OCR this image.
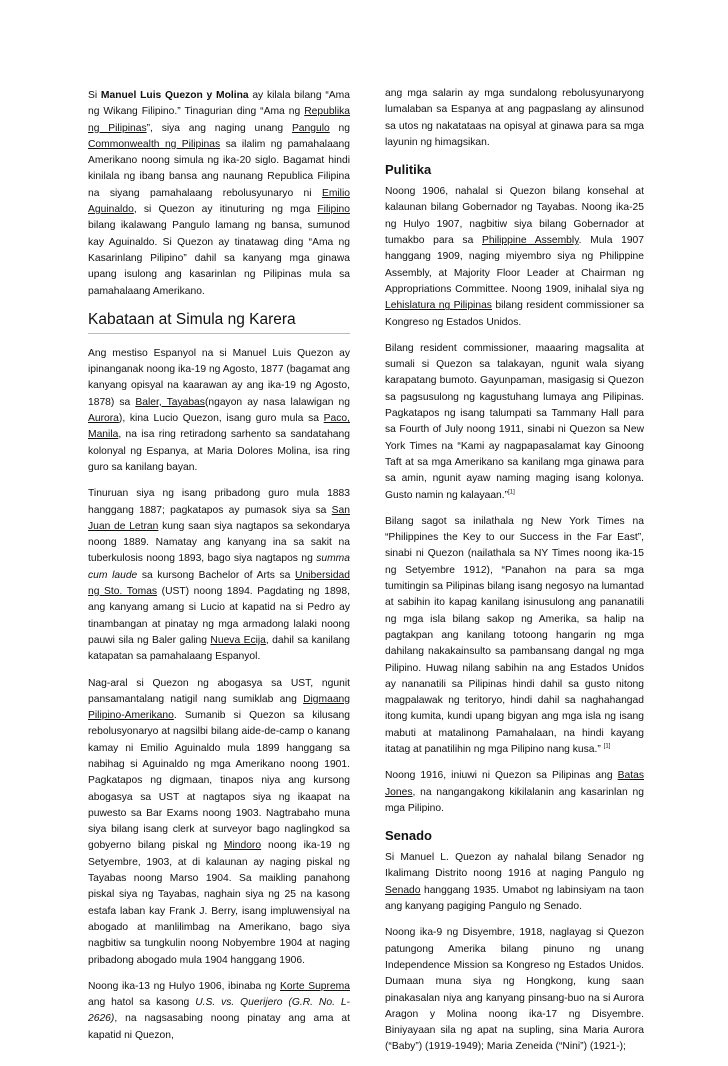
Si Manuel Luis Quezon y Molina ay kilala bilang “Ama ng Wikang Filipino.” Tinagurian ding “Ama ng Republika ng Pilipinas”, siya ang naging unang Pangulo ng Commonwealth ng Pilipinas sa ilalim ng pamahalaang Amerikano noong simula ng ika-20 siglo. Bagamat hindi kinilala ng ibang bansa ang naunang Republica Filipina na siyang pamahalaang rebolusyunaryo ni Emilio Aguinaldo, si Quezon ay itinuturing ng mga Filipino bilang ikalawang Pangulo lamang ng bansa, sumunod kay Aguinaldo. Si Quezon ay tinatawag ding “Ama ng Kasarinlang Pilipino” dahil sa kanyang mga ginawa upang isulong ang kasarinlan ng Pilipinas mula sa pamahalaang Amerikano.

Kabataan at Simula ng Karera

Ang mestiso Espanyol na si Manuel Luis Quezon ay ipinanganak noong ika-19 ng Agosto, 1877 (bagamat ang kanyang opisyal na kaarawan ay ang ika-19 ng Agosto, 1878) sa Baler, Tayabas(ngayon ay nasa lalawigan ng Aurora), kina Lucio Quezon, isang guro mula sa Paco, Manila, na isa ring retiradong sarhento sa sandatahang kolonyal ng Espanya, at Maria Dolores Molina, isa ring guro sa kanilang bayan.

Tinuruan siya ng isang pribadong guro mula 1883 hanggang 1887; pagkatapos ay pumasok siya sa San Juan de Letran kung saan siya nagtapos sa sekondarya noong 1889. Namatay ang kanyang ina sa sakit na tuberkulosis noong 1893, bago siya nagtapos ng summa cum laude sa kursong Bachelor of Arts sa Unibersidad ng Sto. Tomas (UST) noong 1894. Pagdating ng 1898, ang kanyang amang si Lucio at kapatid na si Pedro ay tinambangan at pinatay ng mga armadong lalaki noong pauwi sila ng Baler galing Nueva Ecija, dahil sa kanilang katapatan sa pamahalaang Espanyol.

Nag-aral si Quezon ng abogasya sa UST, ngunit pansamantalang natigil nang sumiklab ang Digmaang Pilipino-Amerikano. Sumanib si Quezon sa kilusang rebolusyonaryo at nagsilbi bilang aide-de-camp o kanang kamay ni Emilio Aguinaldo mula 1899 hanggang sa nabihag si Aguinaldo ng mga Amerikano noong 1901. Pagkatapos ng digmaan, tinapos niya ang kursong abogasya sa UST at nagtapos siya ng ikaapat na puwesto sa Bar Exams noong 1903. Nagtrabaho muna siya bilang isang clerk at surveyor bago naglingkod sa gobyerno bilang piskal ng Mindoro noong ika-19 ng Setyembre, 1903, at di kalaunan ay naging piskal ng Tayabas noong Marso 1904. Sa maikling panahong piskal siya ng Tayabas, naghain siya ng 25 na kasong estafa laban kay Frank J. Berry, isang impluwensiyal na abogado at manlilimbag na Amerikano, bago siya nagbitiw sa tungkulin noong Nobyembre 1904 at naging pribadong abogado mula 1904 hanggang 1906.

Noong ika-13 ng Hulyo 1906, ibinaba ng Korte Suprema ang hatol sa kasong U.S. vs. Querijero (G.R. No. L-2626), na nagsasabing noong pinatay ang ama at kapatid ni Quezon,

ang mga salarin ay mga sundalong rebolusyunaryong lumalaban sa Espanya at ang pagpaslang ay alinsunod sa utos ng nakatataas na opisyal at ginawa para sa mga layunin ng himagsikan.

Pulitika

Noong 1906, nahalal si Quezon bilang konsehal at kalaunan bilang Gobernador ng Tayabas. Noong ika-25 ng Hulyo 1907, nagbitiw siya bilang Gobernador at tumakbo para sa Philippine Assembly. Mula 1907 hanggang 1909, naging miyembro siya ng Philippine Assembly, at Majority Floor Leader at Chairman ng Appropriations Committee. Noong 1909, inihalal siya ng Lehislatura ng Pilipinas bilang resident commissioner sa Kongreso ng Estados Unidos.

Bilang resident commissioner, maaaring magsalita at sumali si Quezon sa talakayan, ngunit wala siyang karapatang bumoto. Gayunpaman, masigasig si Quezon sa pagsusulong ng kagustuhang lumaya ang Pilipinas. Pagkatapos ng isang talumpati sa Tammany Hall para sa Fourth of July noong 1911, sinabi ni Quezon sa New York Times na “Kami ay nagpapasalamat kay Ginoong Taft at sa mga Amerikano sa kanilang mga ginawa para sa amin, ngunit ayaw naming maging isang kolonya. Gusto namin ng kalayaan.”[1]

Bilang sagot sa inilathala ng New York Times na “Philippines the Key to our Success in the Far East”, sinabi ni Quezon (nailathala sa NY Times noong ika-15 ng Setyembre 1912), “Panahon na para sa mga tumitingin sa Pilipinas bilang isang negosyo na lumantad at sabihin ito kapag kanilang isinusulong ang pananatili ng mga isla bilang sakop ng Amerika, sa halip na pagtakpan ang kanilang totoong hangarin ng mga dahilang nakakainsulto sa pambansang dangal ng mga Pilipino. Huwag nilang sabihin na ang Estados Unidos ay nananatili sa Pilipinas hindi dahil sa gusto nitong magpalawak ng teritoryo, hindi dahil sa naghahangad itong kumita, kundi upang bigyan ang mga isla ng isang mabuti at matalinong Pamahalaan, na hindi kayang itatag at panatilihin ng mga Pilipino nang kusa.” [1]

Noong 1916, iniuwi ni Quezon sa Pilipinas ang Batas Jones, na nangangakong kikilalanin ang kasarinlan ng mga Pilipino.

Senado

Si Manuel L. Quezon ay nahalal bilang Senador ng Ikalimang Distrito noong 1916 at naging Pangulo ng Senado hanggang 1935. Umabot ng labinsiyam na taon ang kanyang pagiging Pangulo ng Senado.

Noong ika-9 ng Disyembre, 1918, naglayag si Quezon patungong Amerika bilang pinuno ng unang Independence Mission sa Kongreso ng Estados Unidos. Dumaan muna siya ng Hongkong, kung saan pinakasalan niya ang kanyang pinsang-buo na si Aurora Aragon y Molina noong ika-17 ng Disyembre. Biniyayaan sila ng apat na supling, sina Maria Aurora (“Baby”) (1919-1949); Maria Zeneida (“Nini”) (1921-);
